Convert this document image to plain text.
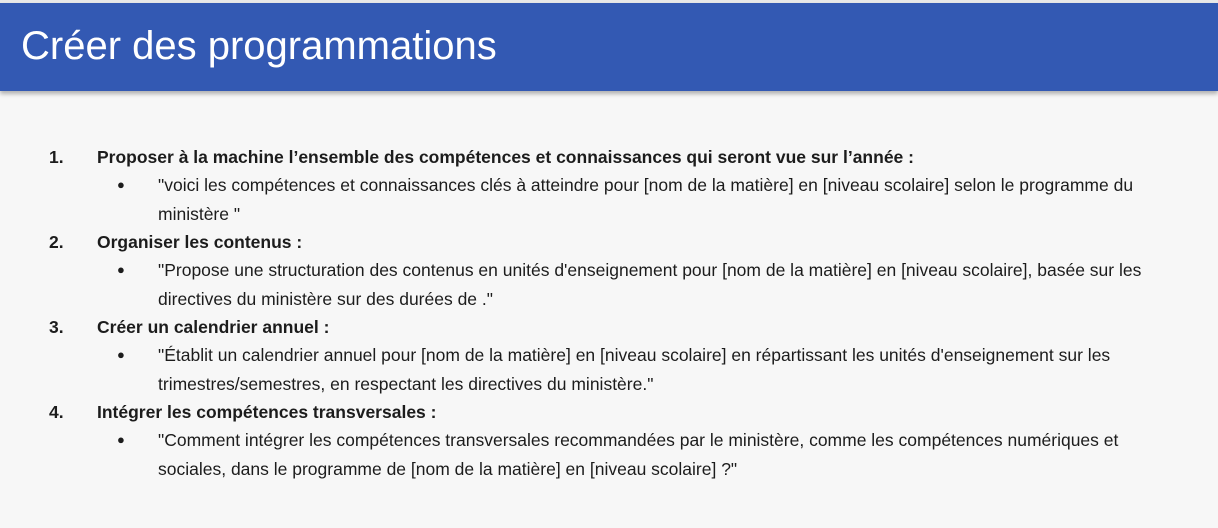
Créer des programmations
1. Proposer à la machine l’ensemble des compétences et connaissances qui seront vue sur l’année :
● "voici les compétences et connaissances clés à atteindre pour [nom de la matière] en [niveau scolaire] selon le programme du ministère "
2. Organiser les contenus :
● "Propose une structuration des contenus en unités d'enseignement pour [nom de la matière] en [niveau scolaire], basée sur les directives du ministère sur des durées de ."
3. Créer un calendrier annuel :
● "Établit un calendrier annuel pour [nom de la matière] en [niveau scolaire] en répartissant les unités d'enseignement sur les trimestres/semestres, en respectant les directives du ministère."
4. Intégrer les compétences transversales :
● "Comment intégrer les compétences transversales recommandées par le ministère, comme les compétences numériques et sociales, dans le programme de [nom de la matière] en [niveau scolaire] ?"
